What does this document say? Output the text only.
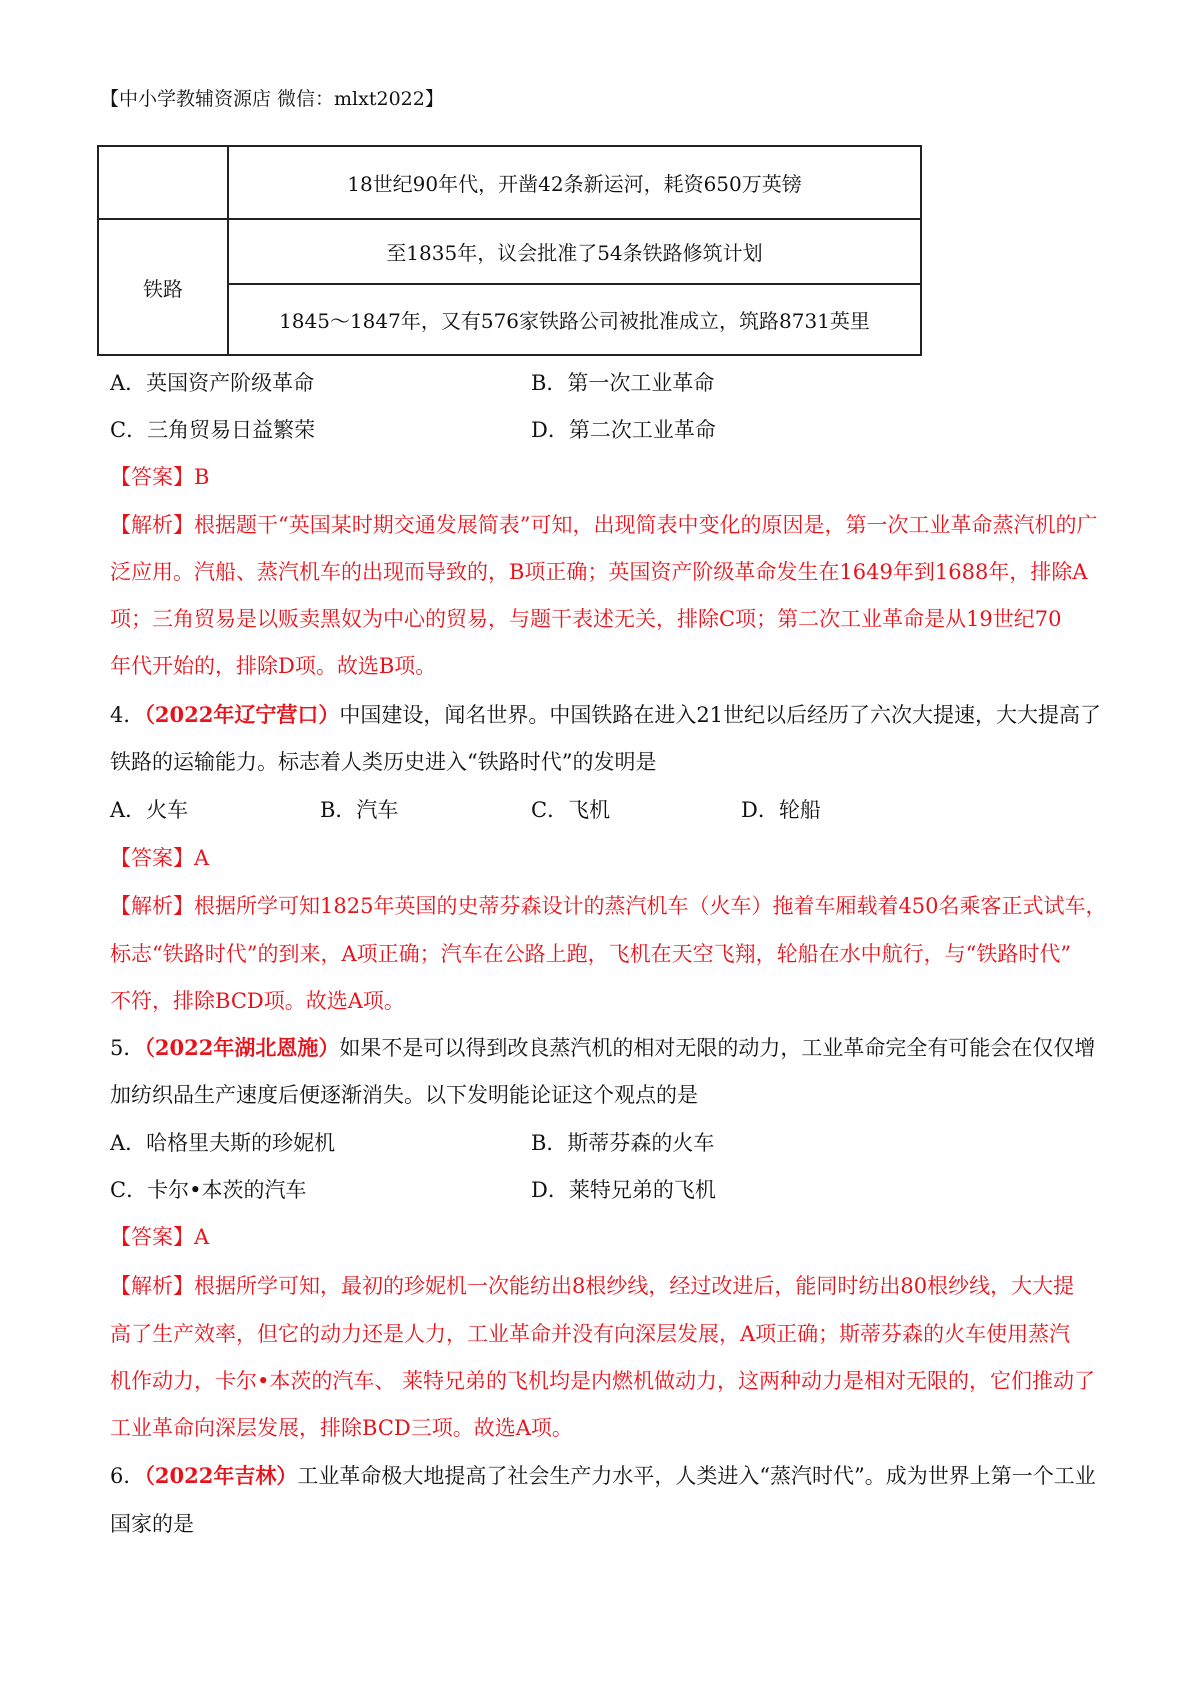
【中小学教辅资源店 微信：mlxt2022】
	18世纪90年代，开凿42条新运河，耗资650万英镑
铁路	至1835年，议会批准了54条铁路修筑计划
	1845～1847年，又有576家铁路公司被批准成立，筑路8731英里
A．英国资产阶级革命	B．第一次工业革命
C．三角贸易日益繁荣	D．第二次工业革命
【答案】B
【解析】根据题干“英国某时期交通发展简表”可知，出现简表中变化的原因是，第一次工业革命蒸汽机的广
泛应用。汽船、蒸汽机车的出现而导致的，B项正确；英国资产阶级革命发生在1649年到1688年，排除A
项；三角贸易是以贩卖黑奴为中心的贸易，与题干表述无关，排除C项；第二次工业革命是从19世纪70
年代开始的，排除D项。故选B项。
4．（2022年辽宁营口）中国建设，闻名世界。中国铁路在进入21世纪以后经历了六次大提速，大大提高了
铁路的运输能力。标志着人类历史进入“铁路时代”的发明是
A．火车	B．汽车	C．飞机	D．轮船
【答案】A
【解析】根据所学可知1825年英国的史蒂芬森设计的蒸汽机车（火车）拖着车厢载着450名乘客正式试车，
标志“铁路时代”的到来，A项正确；汽车在公路上跑，飞机在天空飞翔，轮船在水中航行，与“铁路时代”
不符，排除BCD项。故选A项。
5．（2022年湖北恩施）如果不是可以得到改良蒸汽机的相对无限的动力，工业革命完全有可能会在仅仅增
加纺织品生产速度后便逐渐消失。以下发明能论证这个观点的是
A．哈格里夫斯的珍妮机	B．斯蒂芬森的火车
C．卡尔•本茨的汽车	D．莱特兄弟的飞机
【答案】A
【解析】根据所学可知，最初的珍妮机一次能纺出8根纱线，经过改进后，能同时纺出80根纱线，大大提
高了生产效率，但它的动力还是人力，工业革命并没有向深层发展，A项正确；斯蒂芬森的火车使用蒸汽
机作动力，卡尔•本茨的汽车、 莱特兄弟的飞机均是内燃机做动力，这两种动力是相对无限的，它们推动了
工业革命向深层发展，排除BCD三项。故选A项。
6．（2022年吉林）工业革命极大地提高了社会生产力水平，人类进入“蒸汽时代”。成为世界上第一个工业
国家的是
